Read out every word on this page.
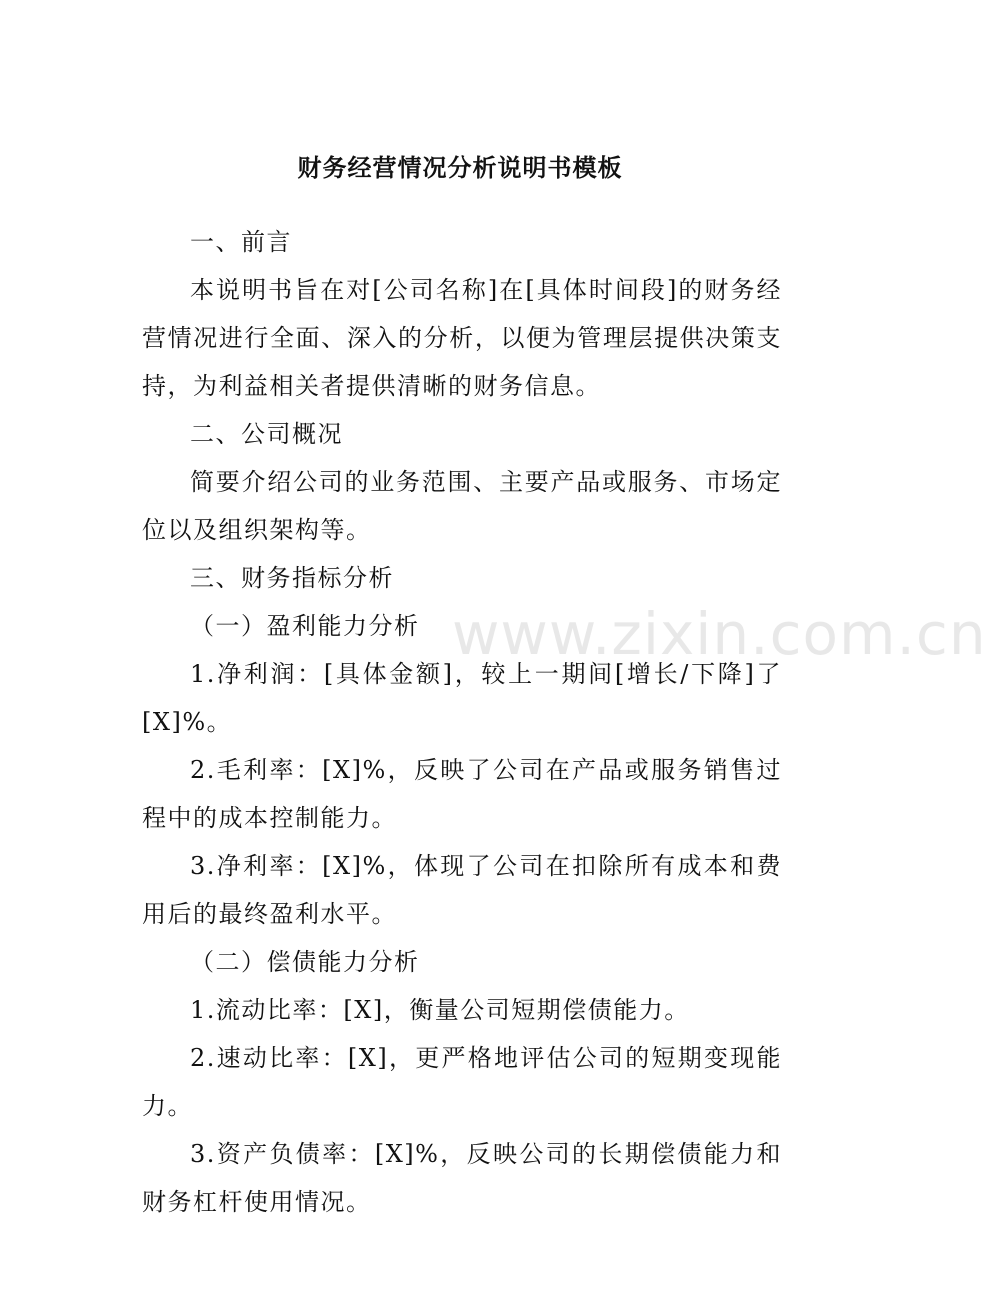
财务经营情况分析说明书模板

一、前言

本说明书旨在对[公司名称]在[具体时间段]的财务经营情况进行全面、深入的分析，以便为管理层提供决策支持，为利益相关者提供清晰的财务信息。

二、公司概况

简要介绍公司的业务范围、主要产品或服务、市场定位以及组织架构等。

三、财务指标分析

（一）盈利能力分析

1.净利润：[具体金额]，较上一期间[增长/下降]了[X]%。

2.毛利率：[X]%，反映了公司在产品或服务销售过程中的成本控制能力。

3.净利率：[X]%，体现了公司在扣除所有成本和费用后的最终盈利水平。

（二）偿债能力分析

1.流动比率：[X]，衡量公司短期偿债能力。

2.速动比率：[X]，更严格地评估公司的短期变现能力。

3.资产负债率：[X]%，反映公司的长期偿债能力和财务杠杆使用情况。

www.zixin.com.cn
